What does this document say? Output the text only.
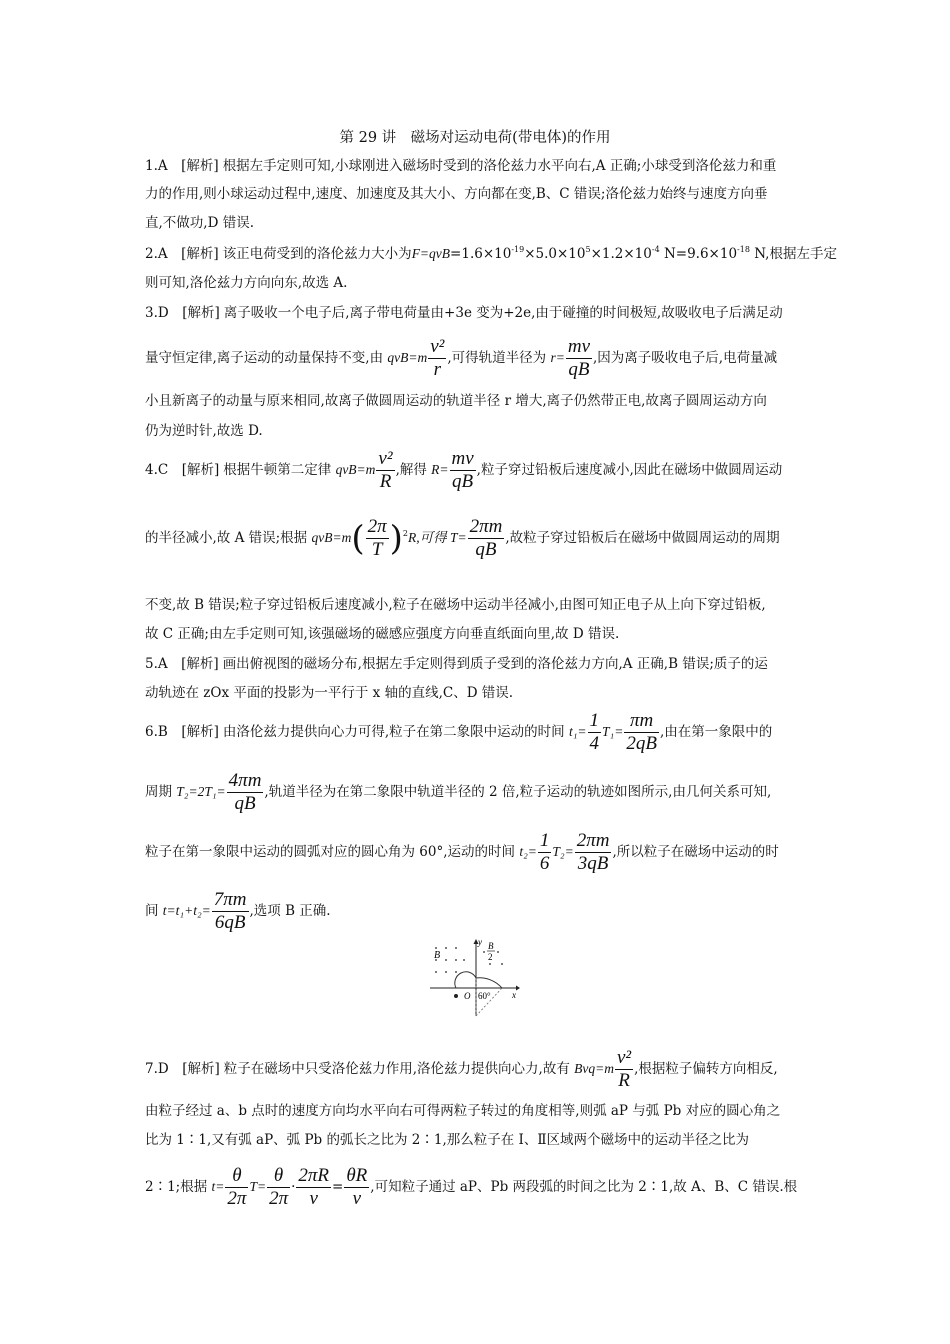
第 29 讲　磁场对运动电荷(带电体)的作用
1.A　 [解析] 根据左手定则可知,小球刚进入磁场时受到的洛伦兹力水平向右,A 正确;小球受到洛伦兹力和重
力的作用,则小球运动过程中,速度、加速度及其大小、方向都在变,B、C 错误;洛伦兹力始终与速度方向垂
直,不做功,D 错误.
2.A　 [解析] 该正电荷受到的洛伦兹力大小为$F=qvB=1.6\times 10^{-19}\times 5.0\times 10^5\times 1.2\times 10^{-4}$ $N=9.6\times 10^{-18}$ N,根据左手定
则可知,洛伦兹力方向向东,故选 A.
3.D　 [解析] 离子吸收一个电子后,离子带电荷量由+3e 变为+2e,由于碰撞的时间极短,故吸收电子后满足动
量守恒定律,离子运动的动量保持不变,由 $qvB=m \frac{\text{v²}}{r}$ ,可得轨道半径为 $r= \frac{mv}{qB}$ ,因为离子吸收电子后,电荷量减
小且新离子的动量与原来相同,故离子做圆周运动的轨道半径 r 增大,离子仍然带正电,故离子圆周运动方向
仍为逆时针,故选 D.
4.C　 [解析] 根据牛顿第二定律 $qvB=m \frac{\text{v²}}{R}$ ,解得 $R= \frac{mv}{qB}$ ,粒子穿过铅板后速度减小,因此在磁场中做圆周运动
的半径减小,故 A 错误;根据 $qvB=m( \frac{2\pi}{T} )^2R$,可得 $T= \frac{2\pi m}{qB}$ ,故粒子穿过铅板后在磁场中做圆周运动的周期
不变,故 B 错误;粒子穿过铅板后速度减小,粒子在磁场中运动半径减小,由图可知正电子从上向下穿过铅板,
故 C 正确;由左手定则可知,该强磁场的磁感应强度方向垂直纸面向里,故 D 错误.
5.A　 [解析] 画出俯视图的磁场分布,根据左手定则得到质子受到的洛伦兹力方向,A 正确,B 错误;质子的运
动轨迹在 zOx 平面的投影为一平行于 x 轴的直线,C、D 错误.
6.B　 [解析] 由洛伦兹力提供向心力可得,粒子在第二象限中运动的时间 $t_1= \frac{1}{4} T_1= \frac{\pi m}{2qB}$ ,由在第一象限中的
周期 $T_2=2T_1= \frac{4\pi m}{qB}$ ,轨道半径为在第二象限中轨道半径的 2 倍,粒子运动的轨迹如图所示,由几何关系可知,
粒子在第一象限中运动的圆弧对应的圆心角为 60°,运动的时间 $t_2= \frac{1}{6} T_2= \frac{2\pi m}{3qB}$ ,所以粒子在磁场中运动的时
间 $t=t_1+t_2= \frac{7\pi m}{6qB}$ ,选项 B 正确.
B
B
2
y
x
O 60°
7.D　 [解析] 粒子在磁场中只受洛伦兹力作用,洛伦兹力提供向心力,故有 $Bvq=m \frac{\text{v²}}{R}$ ,根据粒子偏转方向相反,
由粒子经过 a、b 点时的速度方向均水平向右可得两粒子转过的角度相等,则弧 aP 与弧 Pb 对应的圆心角之
比为 1∶1,又有弧 aP、弧 Pb 的弧长之比为 2∶1,那么粒子在 Ⅰ、Ⅱ区域两个磁场中的运动半径之比为
2∶1;根据 $t= \frac{\theta}{2\pi} T= \frac{\theta}{2\pi} \cdot \frac{2\pi R}{v} = \frac{\theta R}{v}$ ,可知粒子通过 aP、Pb 两段弧的时间之比为 2∶1,故 A、B、C 错误.根
